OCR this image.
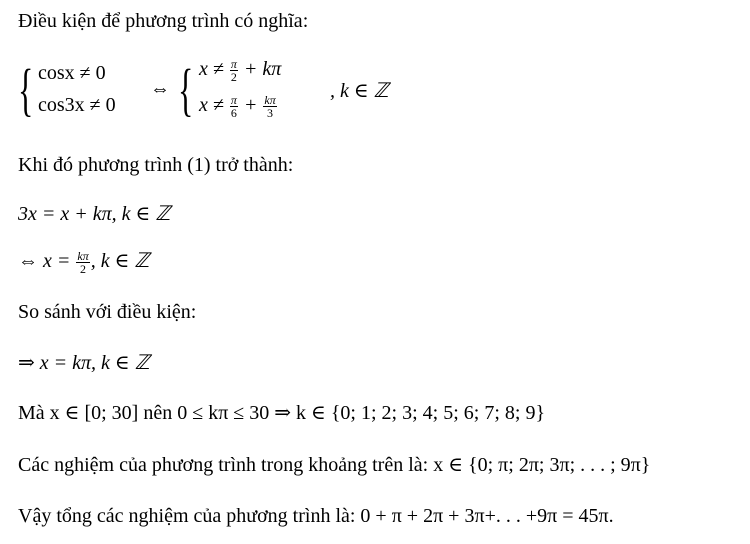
Điều kiện để phương trình có nghĩa:
{ cosx ≠ 0
cos3x ≠ 0
⇔ { $x \ne \frac{\pi}{2} + k\pi$
$x \ne \frac{\pi}{6} + \frac{k\pi}{3}$
, k ∈ ℤ
Khi đó phương trình (1) trở thành:
3x = x + kπ, k ∈ ℤ
⇔ $x = \frac{k\pi}{2}$ , k ∈ ℤ
So sánh với điều kiện:
⇒ x = kπ, k ∈ ℤ
Mà x ∈ [0; 30] nên 0 ≤ kπ ≤ 30 ⇒ k ∈ {0; 1; 2; 3; 4; 5; 6; 7; 8; 9}
Các nghiệm của phương trình trong khoảng trên là: x ∈ {0; π; 2π; 3π; . . . ; 9π}
Vậy tổng các nghiệm của phương trình là: 0 + π + 2π + 3π+. . . +9π = 45π.
